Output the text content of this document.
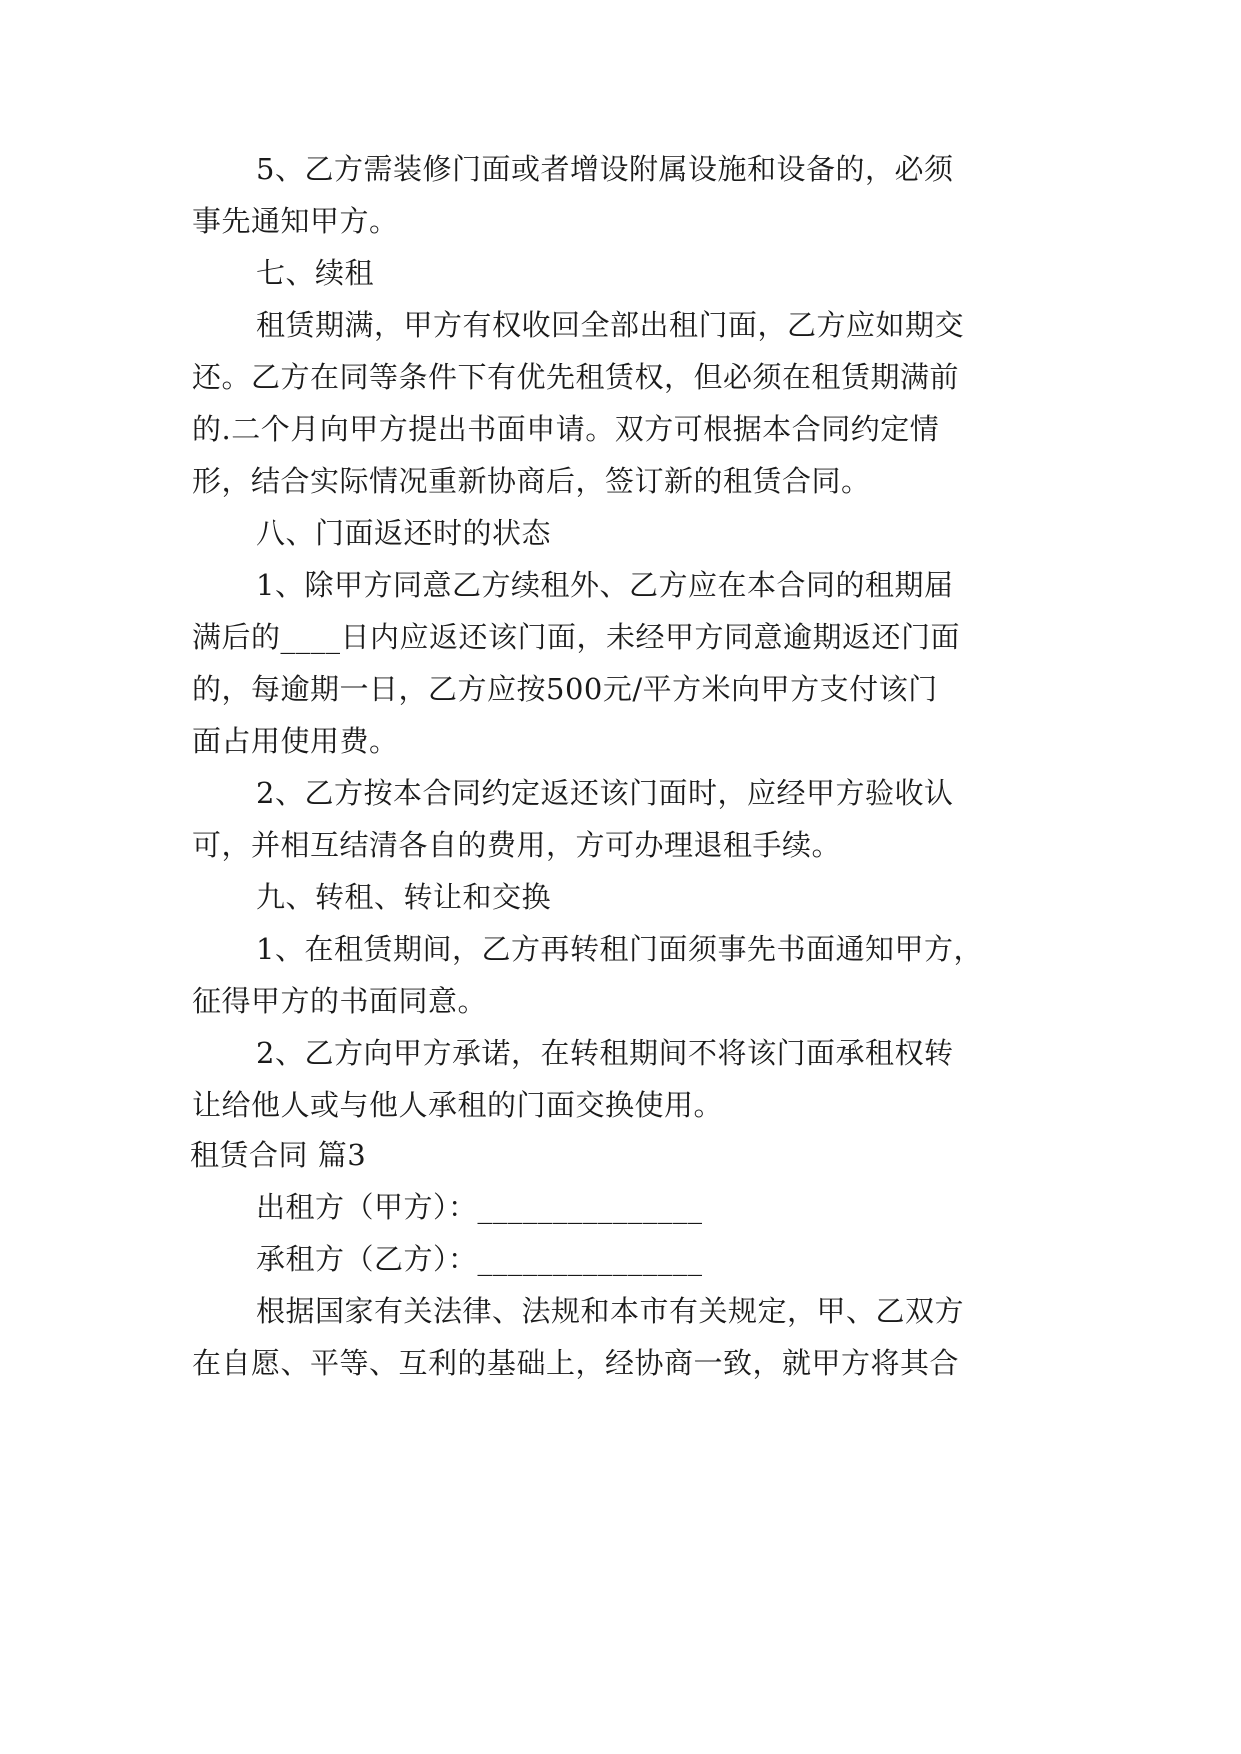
5、乙方需装修门面或者增设附属设施和设备的，必须
事先通知甲方。
七、续租
租赁期满，甲方有权收回全部出租门面，乙方应如期交
还。乙方在同等条件下有优先租赁权，但必须在租赁期满前
的.二个月向甲方提出书面申请。双方可根据本合同约定情
形，结合实际情况重新协商后，签订新的租赁合同。
八、门面返还时的状态
1、除甲方同意乙方续租外、乙方应在本合同的租期届
满后的____日内应返还该门面，未经甲方同意逾期返还门面
的，每逾期一日，乙方应按500元/平方米向甲方支付该门
面占用使用费。
2、乙方按本合同约定返还该门面时，应经甲方验收认
可，并相互结清各自的费用，方可办理退租手续。
九、转租、转让和交换
1、在租赁期间，乙方再转租门面须事先书面通知甲方，
征得甲方的书面同意。
2、乙方向甲方承诺，在转租期间不将该门面承租权转
让给他人或与他人承租的门面交换使用。
租赁合同 篇3
出租方（甲方）：_______________
承租方（乙方）：_______________
根据国家有关法律、法规和本市有关规定，甲、乙双方
在自愿、平等、互利的基础上，经协商一致，就甲方将其合
